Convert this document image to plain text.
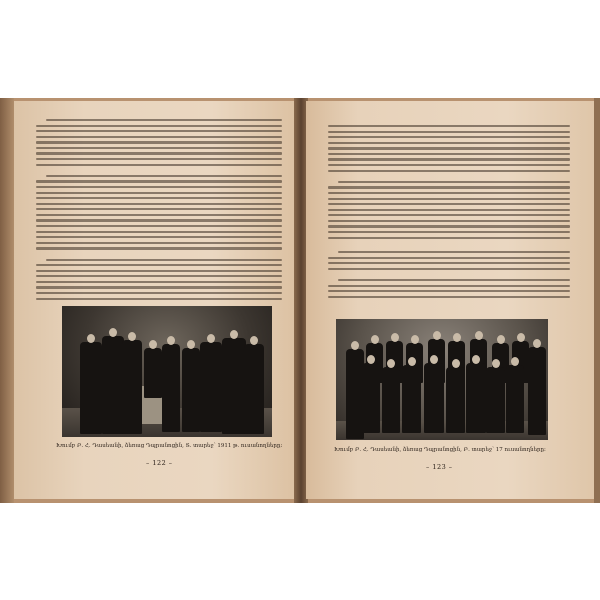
Խումբ Բ. Հ. Դասեանի, ձեռաց Դպրանոցին, Տ. տարեջ՝ 1911 թ. ուսանողները։
– 122 –
Խումբ Բ. Հ. Դասեանի, ձեռաց Դպրանոցին, Բ. տարեջ՝ 17 ուսանողները։
– 123 –
